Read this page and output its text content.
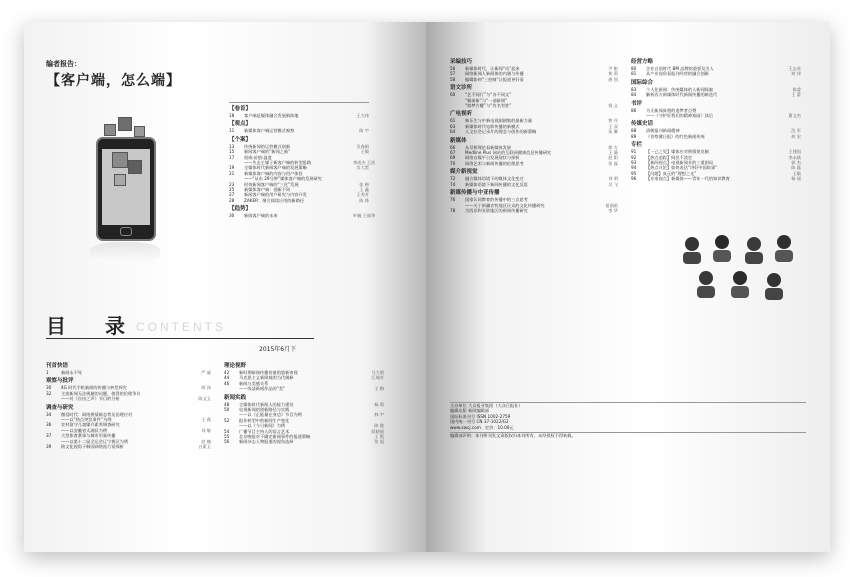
编者报告：
【客户端，怎么端】
【卷首】
18	客户端是媒体融合发展新阵地	王大伟
【观点】
11	新媒体客户端运营模式观察	陈 宇
【个案】
13	传统新闻的运营模式创新	吴春娟
15	新闻客户端的“新闻之新”	王敏
17	权威·价值·温度
——失去主媒子新客户端的转型思路	李成杰 王治
19	全媒体时代新闻客户端的发展策略	吴大蛋
21	新媒体客户端的内容与用户体验
——“从东 29分钟”媒体客户端的发展研究
23	时效新闻客户端的“三化”发展	张 柚
25	新媒体客户端：创新不同	王 鑫
27	新闻客户端的用户研究与内容开发	王秀芳
28	ZAKER：聚合阅读应用的新路径	陈 锋
【趋势】
30	新闻客户端的未来	叶毓 王福华
目 录
CONTENTS
2015年6月下
刊首快语
1	新闻永不死	严 威
观察与批评
30	4G 时代手机新闻的传播与转型探究	胡 泽
32	主流新闻无法规避的问题，值得的伦理争议
——对《自由之声》节目的分析	陈文玉
调查与研究
34	微信时代：网络舆情新态势及治理应对
——以“热点突发事件”为例	王 燕
36	农村留守儿童媒介素养调查研究
——以安徽省太湖县为例	刘 敏
37	大型体育赛事与城市形象传播
——以第十二届全运会辽宁赛区为例	赵 楠
39	跨文化视角下韩国网络流行语探析	白素玉
理论视野
42	新时期新闻传播价值的重新审视	马大明
44	马克思主义新闻观的当代阐释	江瑞芳
46	新闻与美感关系
——浅谈新闻作品的“美”	王 梅
新闻实践
48	全媒体时代新闻人的能力建设	杨 莉
50	电视新闻的创新路径与实践
——以《正能量在身边》节目为例	林 宇
52	报业转型中的新闻生产变化
——以《今日新闻》为例	陈 俊
54	广播节目主持人的语言艺术	薛晓丽
55	北京晚报对不确定新闻事件的报道策略	王 霞
56	新闻杂志人物报道的视角选择	张 旭
采编技巧
56	新媒体时代，让新闻“动”起来	尹 彬
57	网络新闻人新闻体的内涵与传播	黄 莉
58	编辑如何“三控制”让报道更好看	唐 凯
语文诊所
60	“艺不同行”与“各不同文”
“稿前新”与“一部新闻”
“如梦方醒”与“有名有姓”	钱 义
广电视听
61	韩乐生与中新电视剧剧集的最新力量	曾 丹
63	新媒体时代电影传播的新模式	王 双
64	人文社会记录片的理念与创作的新策略	朱 琳
新媒体
66	从吊桥理论看新媒体发展	徐 方
67	Medline Plus 网站的互联网健康信息传播研究	王 静
69	网络自媒平台发展现状与探析	赵 阳
70	网络艺术与新闻传播的伦理思考	张 磊
媒介新视觉
72	融合媒体语境下的媒体文化变迁	刘 明
74	新媒体语境下新闻传播的文化反思	吴 飞
新媒传播与中亚传播
76	国家认同教育的传播中的三点思考
——关于新疆农牧地区民众的文化传播研究	祖丽甫
78	为西非和亚欧地区的新闻传播研究	李 华
经营方略
80	企业自创时代 BM 品牌的重要及引入	王志英
81	从产业视角看报刊经营的融合创新	何 伟
国际综合
83	个人化新闻：传统媒体的人新闻探索	陈睿
84	解析西方新媒体时代新闻传播的新迭代	王 蕾
书评
86	为无新闻真相的追梦者点赞
——《守护好我们的精神家园》读后	曹文杰
传媒史话
88	清朝报刊新闻精神	沈 军
89	《晋察冀日报》的红色新闻传统	何 宏
专栏
91	【一己之见】媒体应对舆情须克制	王建国
92	【热点追踪】网民不淡定	李永斌
93	【新闻视点】电视新闻业的三重困局	郭 杰
94	【热点讨论】如何表达“讲好中国故事”	陈 磊
95	【问题】真正的“理想之光”	王敏
96	【专家视点】新媒体——青年一代的知识教育	杨 丽
主办单位 大众报业集团（大众日报社）
编辑出版 新闻编辑部
国际标准刊号 ISSN 1002-2759
国内统一刊号 CN 37-1022/G2
www.xwcj.com 定价：10.00元
编辑部声明：本刊所刊发文章版权归本刊所有，未经授权不得转载。
